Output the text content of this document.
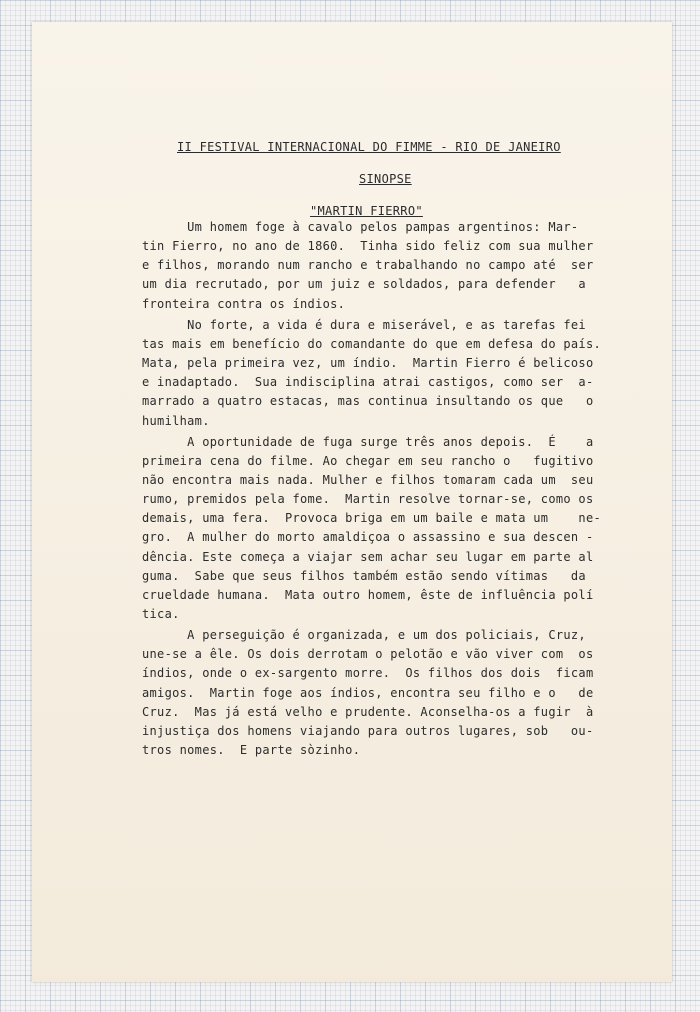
II FESTIVAL INTERNACIONAL DO FIMME - RIO DE JANEIRO
SINOPSE
"MARTIN FIERRO"
Um homem foge à cavalo pelos pampas argentinos: Mar-
tin Fierro, no ano de 1860.  Tinha sido feliz com sua mulher
e filhos, morando num rancho e trabalhando no campo até  ser
um dia recrutado, por um juiz e soldados, para defender   a
fronteira contra os índios.
No forte, a vida é dura e miserável, e as tarefas fei
tas mais em benefício do comandante do que em defesa do país.
Mata, pela primeira vez, um índio.  Martin Fierro é belicoso
e inadaptado.  Sua indisciplina atrai castigos, como ser  a-
marrado a quatro estacas, mas continua insultando os que   o
humilham.
A oportunidade de fuga surge três anos depois.  É    a
primeira cena do filme. Ao chegar em seu rancho o   fugitivo
não encontra mais nada. Mulher e filhos tomaram cada um  seu
rumo, premidos pela fome.  Martin resolve tornar-se, como os
demais, uma fera.  Provoca briga em um baile e mata um    ne-
gro.  A mulher do morto amaldiçoa o assassino e sua descen -
dência. Este começa a viajar sem achar seu lugar em parte al
guma.  Sabe que seus filhos também estão sendo vítimas   da
crueldade humana.  Mata outro homem, êste de influência polí
tica.
A perseguição é organizada, e um dos policiais, Cruz,
une-se a êle. Os dois derrotam o pelotão e vão viver com  os
índios, onde o ex-sargento morre.  Os filhos dos dois  ficam
amigos.  Martin foge aos índios, encontra seu filho e o   de
Cruz.  Mas já está velho e prudente. Aconselha-os a fugir  à
injustiça dos homens viajando para outros lugares, sob   ou-
tros nomes.  E parte sòzinho.
